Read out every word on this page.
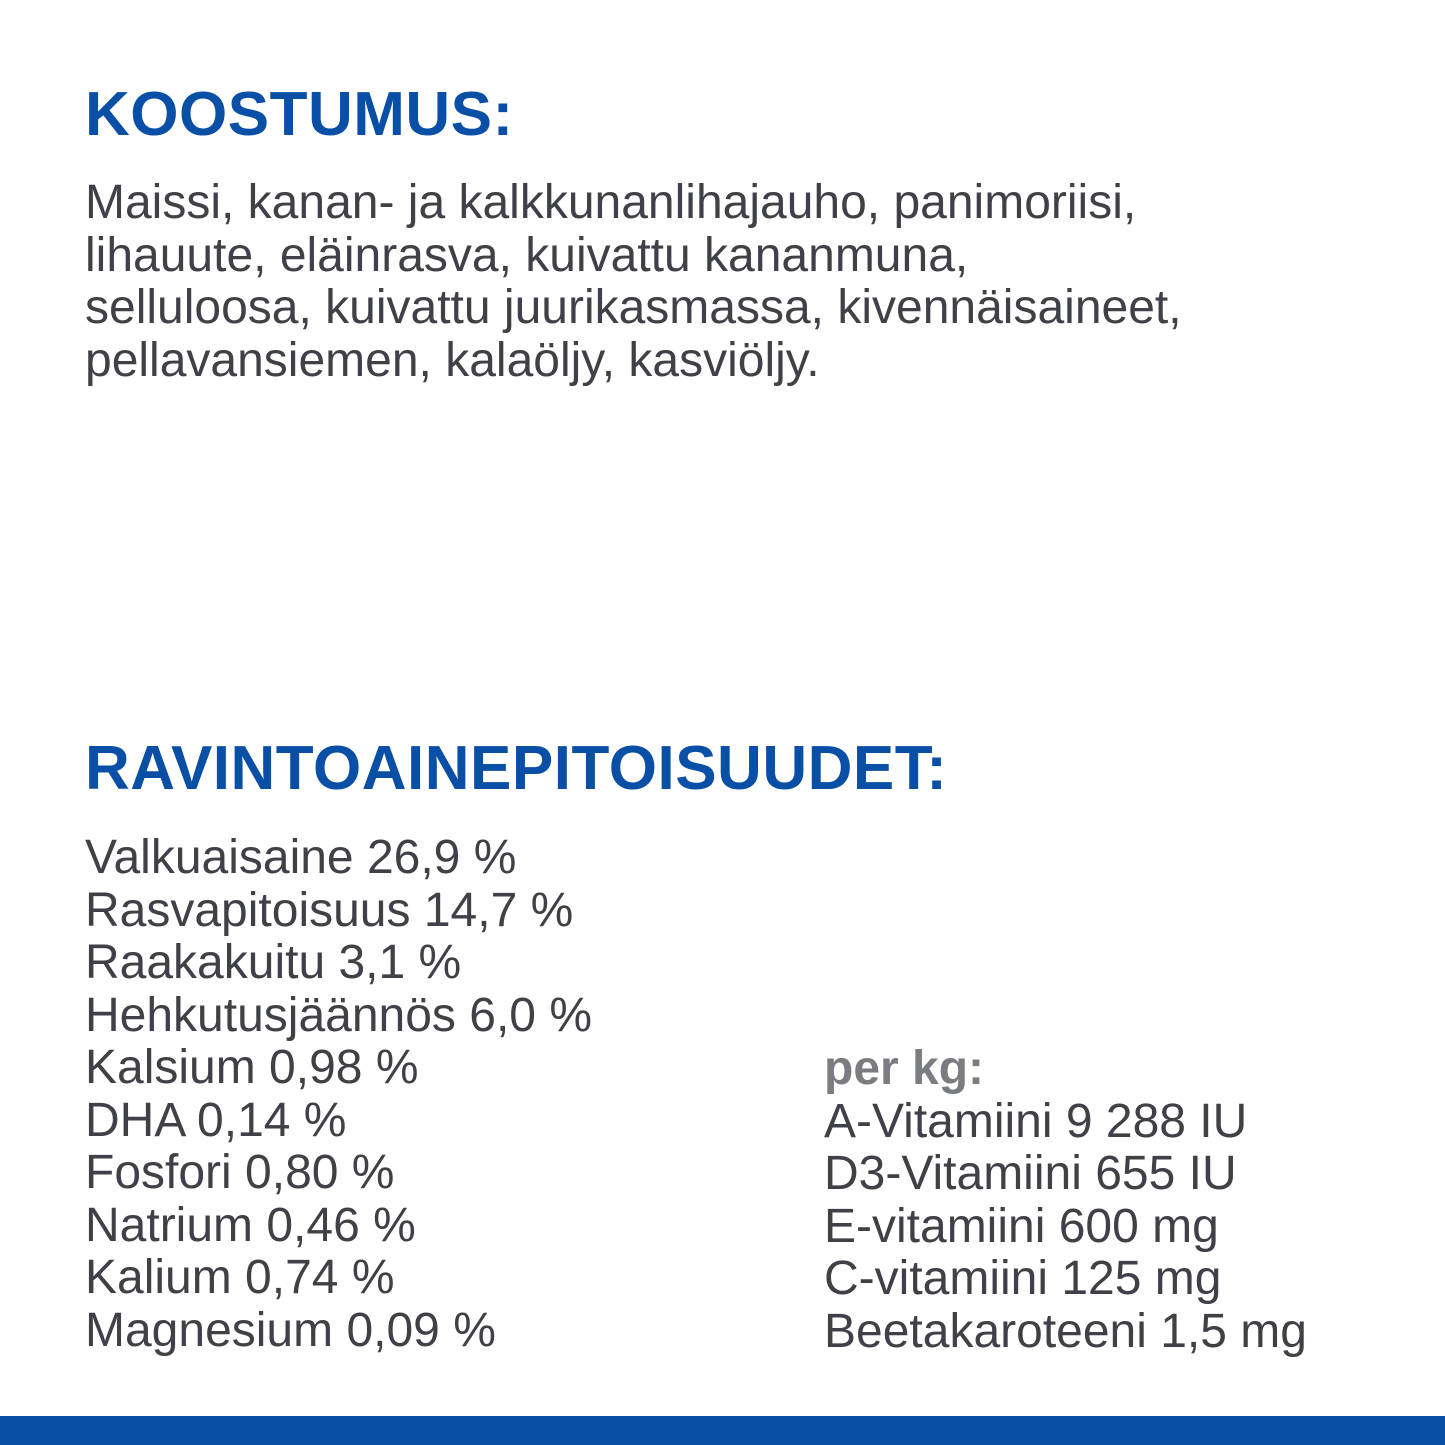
KOOSTUMUS:
Maissi, kanan- ja kalkkunanlihajauho, panimoriisi,
lihauute, eläinrasva, kuivattu kananmuna,
selluloosa, kuivattu juurikasmassa, kivennäisaineet,
pellavansiemen, kalaöljy, kasviöljy.
RAVINTOAINEPITOISUUDET:
Valkuaisaine 26,9 %
Rasvapitoisuus 14,7 %
Raakakuitu 3,1 %
Hehkutusjäännös 6,0 %
Kalsium 0,98 %
DHA 0,14 %
Fosfori 0,80 %
Natrium 0,46 %
Kalium 0,74 %
Magnesium 0,09 %
per kg:
A-Vitamiini 9 288 IU
D3-Vitamiini 655 IU
E-vitamiini 600 mg
C-vitamiini 125 mg
Beetakaroteeni 1,5 mg
